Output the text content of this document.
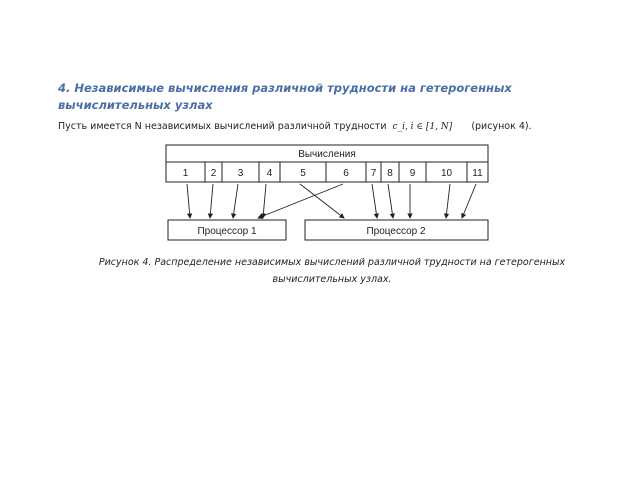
4. Независимые вычисления различной трудности на гетерогенных вычислительных узлах
Пусть имеется N независимых вычислений различной трудности c_i, i ∈ [1, N] (рисунок 4).
Вычисления
1 2 3 4	5	6 7 8 9	10 11
Процессор 1	Процессор 2
Рисунок 4. Распределение независимых вычислений различной трудности на гетерогенных вычислительных узлах.
